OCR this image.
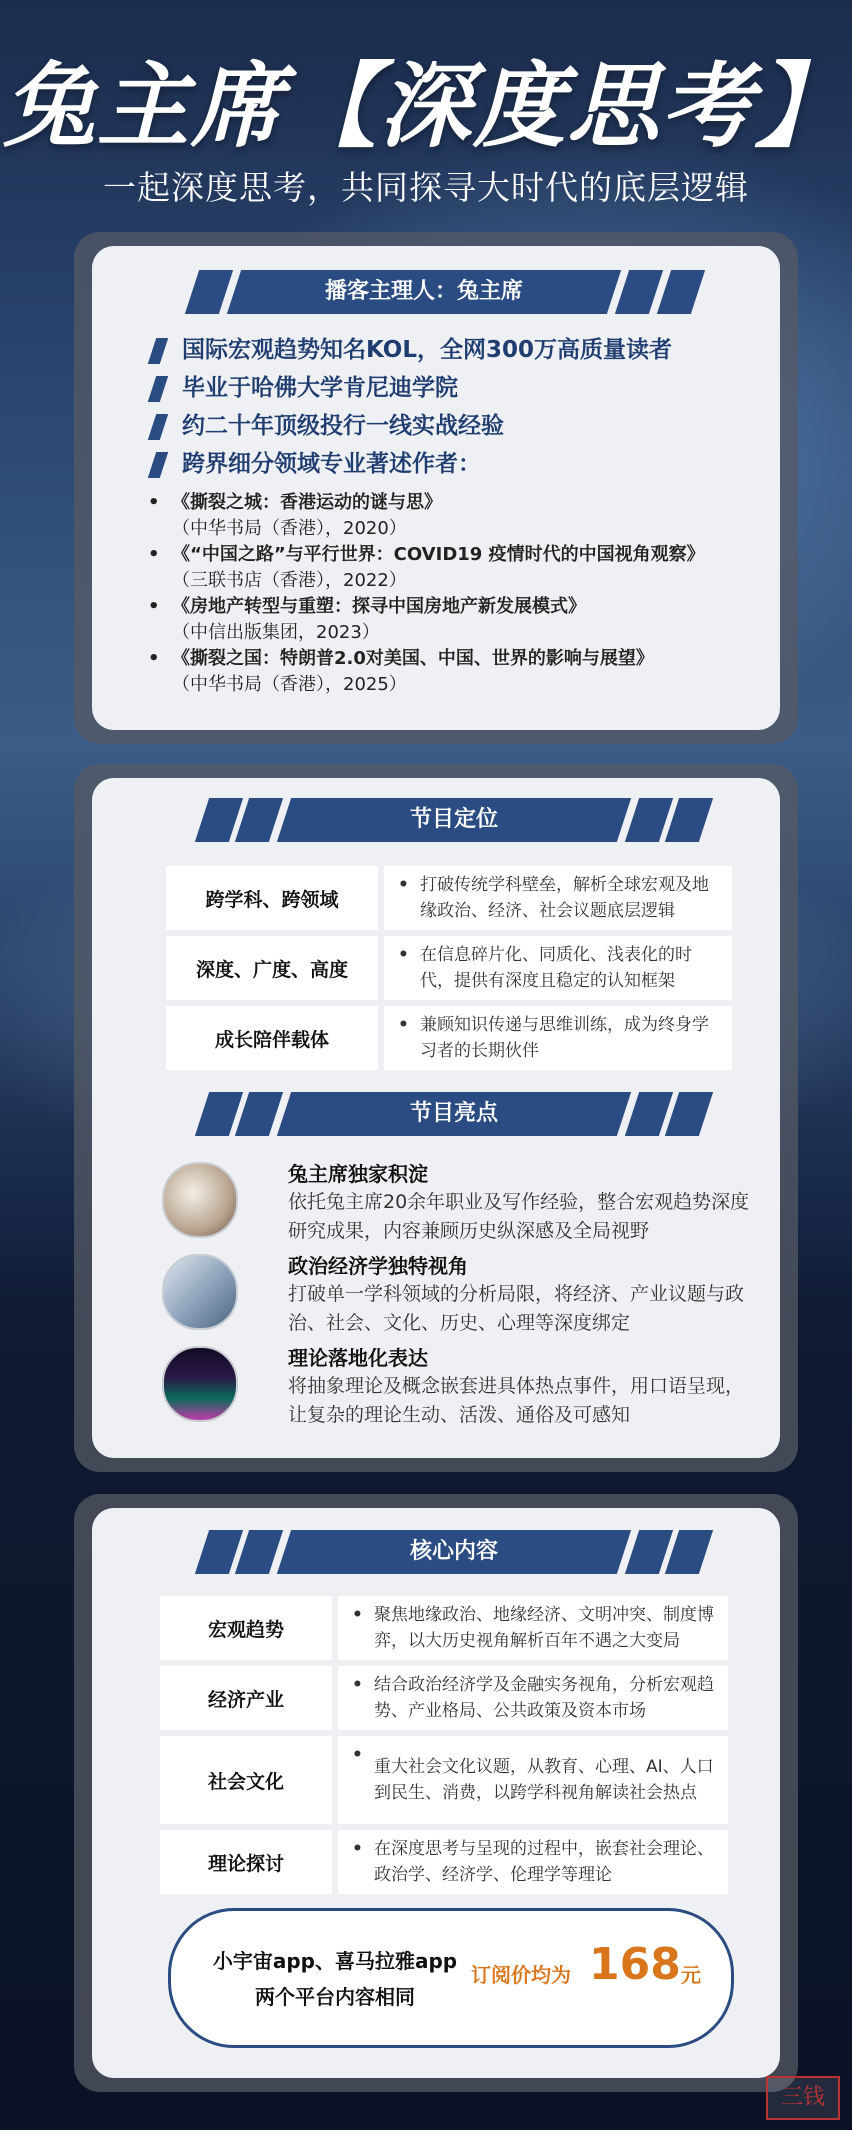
兔主席【深度思考】
一起深度思考，共同探寻大时代的底层逻辑
播客主理人：兔主席
国际宏观趋势知名KOL，全网300万高质量读者
毕业于哈佛大学肯尼迪学院
约二十年顶级投行一线实战经验
跨界细分领域专业著述作者：
• 《撕裂之城：香港运动的谜与思》
（中华书局（香港），2020）
• 《“中国之路”与平行世界：COVID19 疫情时代的中国视角观察》
（三联书店（香港），2022）
• 《房地产转型与重塑：探寻中国房地产新发展模式》
（中信出版集团，2023）
• 《撕裂之国：特朗普2.0对美国、中国、世界的影响与展望》
（中华书局（香港），2025）
节目定位
跨学科、跨领域	• 打破传统学科壁垒，解析全球宏观及地缘政治、经济、社会议题底层逻辑
深度、广度、高度	• 在信息碎片化、同质化、浅表化的时代，提供有深度且稳定的认知框架
成长陪伴载体	• 兼顾知识传递与思维训练，成为终身学习者的长期伙伴
节目亮点
兔主席独家积淀
依托兔主席20余年职业及写作经验，整合宏观趋势深度研究成果，内容兼顾历史纵深感及全局视野
政治经济学独特视角
打破单一学科领域的分析局限，将经济、产业议题与政治、社会、文化、历史、心理等深度绑定
理论落地化表达
将抽象理论及概念嵌套进具体热点事件，用口语呈现，让复杂的理论生动、活泼、通俗及可感知
核心内容
宏观趋势	• 聚焦地缘政治、地缘经济、文明冲突、制度博弈，以大历史视角解析百年不遇之大变局
经济产业	• 结合政治经济学及金融实务视角，分析宏观趋势、产业格局、公共政策及资本市场
社会文化	•
重大社会文化议题，从教育、心理、AI、人口到民生、消费，以跨学科视角解读社会热点
理论探讨	• 在深度思考与呈现的过程中，嵌套社会理论、政治学、经济学、伦理学等理论
小宇宙app、喜马拉雅app
两个平台内容相同
订阅价均为 168 元
三钱
